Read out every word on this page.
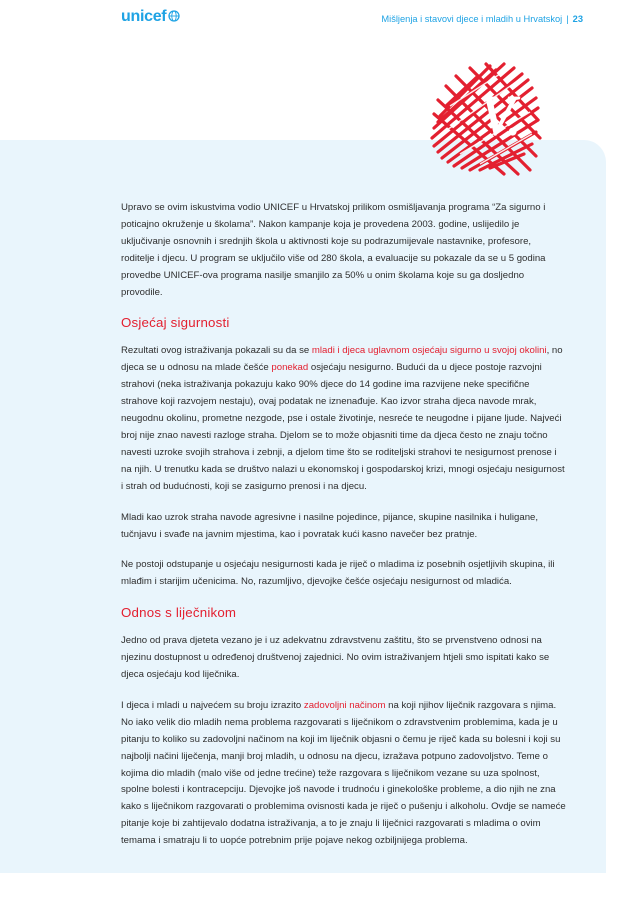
unicef	Mišljenja i stavovi djece i mladih u Hrvatskoj | 23
V.

Upravo se ovim iskustvima vodio UNICEF u Hrvatskoj prilikom osmišljavanja programa “Za sigurno i poticajno okruženje u školama”. Nakon kampanje koja je provedena 2003. godine, uslijedilo je uključivanje osnovnih i srednjih škola u aktivnosti koje su podrazumijevale nastavnike, profesore, roditelje i djecu. U program se uključilo više od 280 škola, a evaluacije su pokazale da se u 5 godina provedbe UNICEF-ova programa nasilje smanjilo za 50% u onim školama koje su ga dosljedno provodile.

Osjećaj sigurnosti

Rezultati ovog istraživanja pokazali su da se mladi i djeca uglavnom osjećaju sigurno u svojoj okolini, no djeca se u odnosu na mlade češće ponekad osjećaju nesigurno. Budući da u djece postoje razvojni strahovi (neka istraživanja pokazuju kako 90% djece do 14 godine ima razvijene neke specifične strahove koji razvojem nestaju), ovaj podatak ne iznenađuje. Kao izvor straha djeca navode mrak, neugodnu okolinu, prometne nezgode, pse i ostale životinje, nesreće te neugodne i pijane ljude. Najveći broj nije znao navesti razloge straha. Djelom se to može objasniti time da djeca često ne znaju točno navesti uzroke svojih strahova i zebnji, a djelom time što se roditeljski strahovi te nesigurnost prenose i na njih. U trenutku kada se društvo nalazi u ekonomskoj i gospodarskoj krizi, mnogi osjećaju nesigurnost i strah od budućnosti, koji se zasigurno prenosi i na djecu.

Mladi kao uzrok straha navode agresivne i nasilne pojedince, pijance, skupine nasilnika i huligane, tučnjavu i svađe na javnim mjestima, kao i povratak kući kasno navečer bez pratnje.

Ne postoji odstupanje u osjećaju nesigurnosti kada je riječ o mladima iz posebnih osjetljivih skupina, ili mlađim i starijim učenicima. No, razumljivo, djevojke češće osjećaju nesigurnost od mladića.

Odnos s liječnikom

Jedno od prava djeteta vezano je i uz adekvatnu zdravstvenu zaštitu, što se prvenstveno odnosi na njezinu dostupnost u određenoj društvenoj zajednici. No ovim istraživanjem htjeli smo ispitati kako se djeca osjećaju kod liječnika.

I djeca i mladi u najvećem su broju izrazito zadovoljni načinom na koji njihov liječnik razgovara s njima. No iako velik dio mladih nema problema razgovarati s liječnikom o zdravstvenim problemima, kada je u pitanju to koliko su zadovoljni načinom na koji im liječnik objasni o čemu je riječ kada su bolesni i koji su najbolji načini liječenja, manji broj mladih, u odnosu na djecu, izražava potpuno zadovoljstvo. Teme o kojima dio mladih (malo više od jedne trećine) teže razgovara s liječnikom vezane su uza spolnost, spolne bolesti i kontracepciju. Djevojke još navode i trudnoću i ginekološke probleme, a dio njih ne zna kako s liječnikom razgovarati o problemima ovisnosti kada je riječ o pušenju i alkoholu. Ovdje se nameće pitanje koje bi zahtijevalo dodatna istraživanja, a to je znaju li liječnici razgovarati s mladima o ovim temama i smatraju li to uopće potrebnim prije pojave nekog ozbiljnijega problema.
